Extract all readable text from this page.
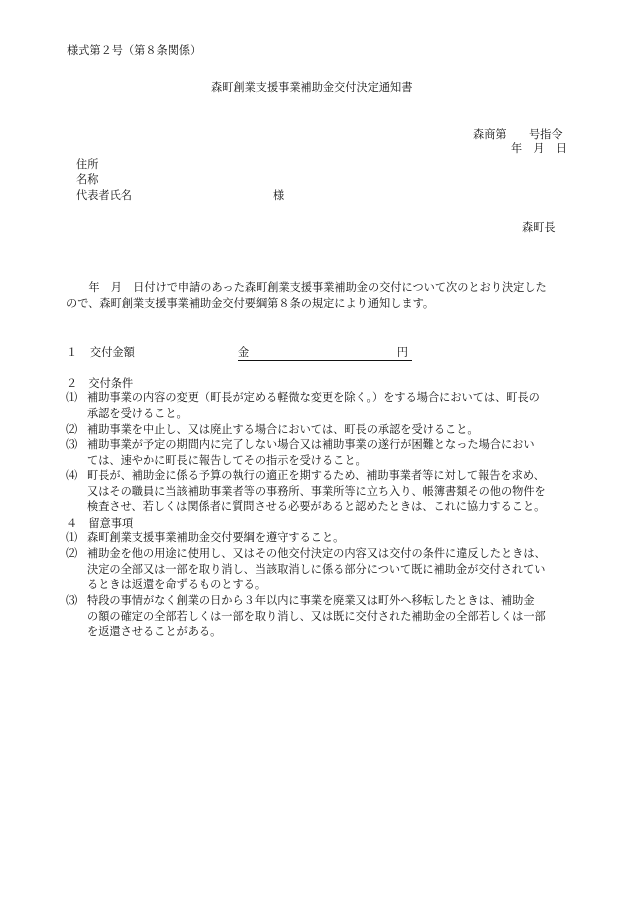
様式第２号（第８条関係）
森町創業支援事業補助金交付決定通知書
森商第　　号指令
年　月　日
住所
名称
代表者氏名	様
森町長
　　年　月　日付けで申請のあった森町創業支援事業補助金の交付について次のとおり決定した
ので、森町創業支援事業補助金交付要綱第８条の規定により通知します。
１ 交付金額	金	円
２　交付条件
⑴ 補助事業の内容の変更（町長が定める軽微な変更を除く。）をする場合においては、町長の
承認を受けること。
⑵ 補助事業を中止し、又は廃止する場合においては、町長の承認を受けること。
⑶ 補助事業が予定の期間内に完了しない場合又は補助事業の遂行が困難となった場合におい
ては、速やかに町長に報告してその指示を受けること。
⑷ 町長が、補助金に係る予算の執行の適正を期するため、補助事業者等に対して報告を求め、
又はその職員に当該補助事業者等の事務所、事業所等に立ち入り、帳簿書類その他の物件を
検査させ、若しくは関係者に質問させる必要があると認めたときは、これに協力すること。
４　留意事項
⑴ 森町創業支援事業補助金交付要綱を遵守すること。
⑵ 補助金を他の用途に使用し、又はその他交付決定の内容又は交付の条件に違反したときは、
決定の全部又は一部を取り消し、当該取消しに係る部分について既に補助金が交付されてい
るときは返還を命ずるものとする。
⑶ 特段の事情がなく創業の日から３年以内に事業を廃業又は町外へ移転したときは、補助金
の額の確定の全部若しくは一部を取り消し、又は既に交付された補助金の全部若しくは一部
を返還させることがある。
